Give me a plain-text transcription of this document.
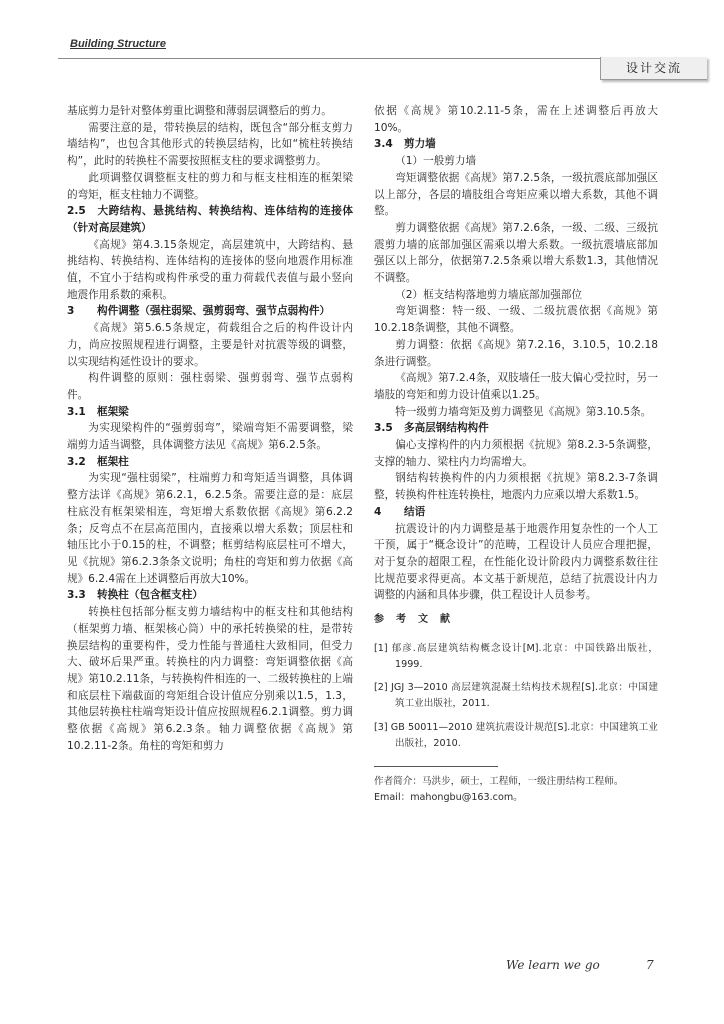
Building Structure
设计交流

基底剪力是针对整体剪重比调整和薄弱层调整后的剪力。

需要注意的是，带转换层的结构，既包含“部分框支剪力墙结构”，也包含其他形式的转换层结构，比如“梳柱转换结构”，此时的转换柱不需要按照框支柱的要求调整剪力。

此项调整仅调整框支柱的剪力和与框支柱相连的框架梁的弯矩，框支柱轴力不调整。

2.5 大跨结构、悬挑结构、转换结构、连体结构的连接体（针对高层建筑）

《高规》第4.3.15条规定，高层建筑中，大跨结构、悬挑结构、转换结构、连体结构的连接体的竖向地震作用标准值，不宜小于结构或构件承受的重力荷载代表值与最小竖向地震作用系数的乘积。

3 构件调整（强柱弱梁、强剪弱弯、强节点弱构件）

《高规》第5.6.5条规定，荷载组合之后的构件设计内力，尚应按照规程进行调整，主要是针对抗震等级的调整，以实现结构延性设计的要求。

构件调整的原则：强柱弱梁、强剪弱弯、强节点弱构件。

3.1 框架梁

为实现梁构件的“强剪弱弯”，梁端弯矩不需要调整，梁端剪力适当调整，具体调整方法见《高规》第6.2.5条。

3.2 框架柱

为实现“强柱弱梁”，柱端剪力和弯矩适当调整，具体调整方法详《高规》第6.2.1，6.2.5条。需要注意的是：底层柱底没有框架梁相连，弯矩增大系数依据《高规》第6.2.2条；反弯点不在层高范围内，直接乘以增大系数；顶层柱和轴压比小于0.15的柱，不调整；框剪结构底层柱可不增大，见《抗规》第6.2.3条条文说明；角柱的弯矩和剪力依据《高规》6.2.4需在上述调整后再放大10%。

3.3 转换柱（包含框支柱）

转换柱包括部分框支剪力墙结构中的框支柱和其他结构（框架剪力墙、框架核心筒）中的承托转换梁的柱，是带转换层结构的重要构件，受力性能与普通柱大致相同，但受力大、破坏后果严重。转换柱的内力调整：弯矩调整依据《高规》第10.2.11条，与转换构件相连的一、二级转换柱的上端和底层柱下端截面的弯矩组合设计值应分别乘以1.5，1.3，其他层转换柱柱端弯矩设计值应按照规程6.2.1调整。剪力调整依据《高规》第6.2.3条。轴力调整依据《高规》第10.2.11-2条。角柱的弯矩和剪力

依据《高规》第10.2.11-5条，需在上述调整后再放大10%。

3.4 剪力墙

（1）一般剪力墙

弯矩调整依据《高规》第7.2.5条，一级抗震底部加强区以上部分，各层的墙肢组合弯矩应乘以增大系数，其他不调整。

剪力调整依据《高规》第7.2.6条，一级、二级、三级抗震剪力墙的底部加强区需乘以增大系数。一级抗震墙底部加强区以上部分，依据第7.2.5条乘以增大系数1.3，其他情况不调整。

（2）框支结构落地剪力墙底部加强部位

弯矩调整：特一级、一级、二级抗震依据《高规》第10.2.18条调整，其他不调整。

剪力调整：依据《高规》第7.2.16，3.10.5，10.2.18条进行调整。

《高规》第7.2.4条，双肢墙任一肢大偏心受拉时，另一墙肢的弯矩和剪力设计值乘以1.25。

特一级剪力墙弯矩及剪力调整见《高规》第3.10.5条。

3.5 多高层钢结构构件

偏心支撑构件的内力须根据《抗规》第8.2.3-5条调整，支撑的轴力、梁柱内力均需增大。

钢结构转换构件的内力须根据《抗规》第8.2.3-7条调整，转换构件柱连转换柱，地震内力应乘以增大系数1.5。

4 结语

抗震设计的内力调整是基于地震作用复杂性的一个人工干预，属于“概念设计”的范畴，工程设计人员应合理把握，对于复杂的超限工程，在性能化设计阶段内力调整系数往往比规范要求得更高。本文基于新规范，总结了抗震设计内力调整的内涵和具体步骤，供工程设计人员参考。

参考文献

[1] 郁彦.高层建筑结构概念设计[M].北京：中国铁路出版社，1999.

[2] JGJ 3—2010 高层建筑混凝土结构技术规程[S].北京：中国建筑工业出版社，2011.

[3] GB 50011—2010 建筑抗震设计规范[S].北京：中国建筑工业出版社，2010.

作者简介：马洪步，硕士，工程师，一级注册结构工程师。

Email：mahongbu@163.com。

We learn we go	7
